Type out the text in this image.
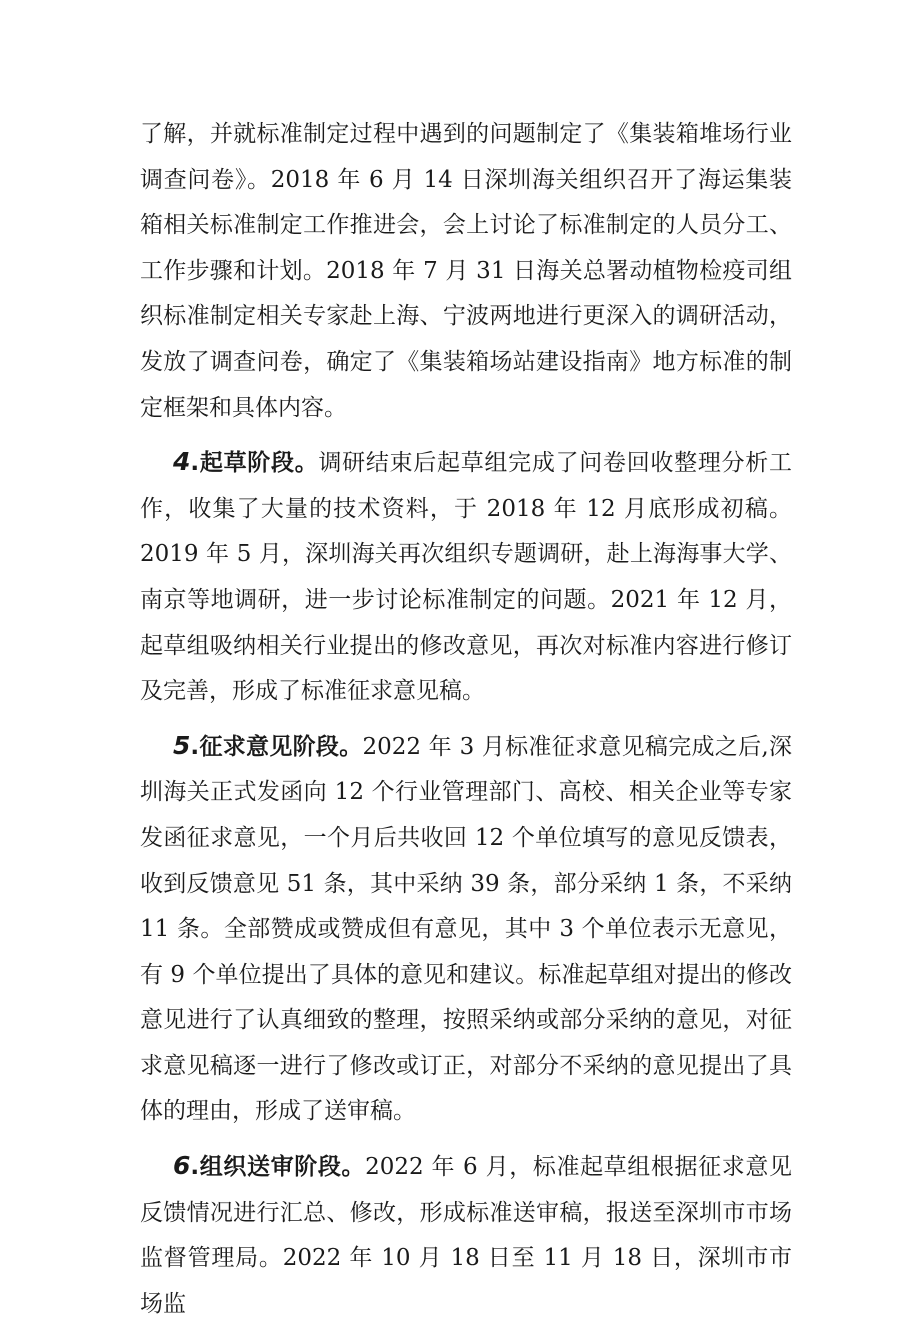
了解，并就标准制定过程中遇到的问题制定了《集装箱堆场行业调查问卷》。2018 年 6 月 14 日深圳海关组织召开了海运集装箱相关标准制定工作推进会，会上讨论了标准制定的人员分工、工作步骤和计划。2018 年 7 月 31 日海关总署动植物检疫司组织标准制定相关专家赴上海、宁波两地进行更深入的调研活动，发放了调查问卷，确定了《集装箱场站建设指南》地方标准的制定框架和具体内容。

4.起草阶段。调研结束后起草组完成了问卷回收整理分析工作，收集了大量的技术资料，于 2018 年 12 月底形成初稿。2019 年 5 月，深圳海关再次组织专题调研，赴上海海事大学、南京等地调研，进一步讨论标准制定的问题。2021 年 12 月，起草组吸纳相关行业提出的修改意见，再次对标准内容进行修订及完善，形成了标准征求意见稿。

5.征求意见阶段。2022 年 3 月标准征求意见稿完成之后,深圳海关正式发函向 12 个行业管理部门、高校、相关企业等专家发函征求意见，一个月后共收回 12 个单位填写的意见反馈表，收到反馈意见 51 条，其中采纳 39 条，部分采纳 1 条，不采纳 11 条。全部赞成或赞成但有意见，其中 3 个单位表示无意见，有 9 个单位提出了具体的意见和建议。标准起草组对提出的修改意见进行了认真细致的整理，按照采纳或部分采纳的意见，对征求意见稿逐一进行了修改或订正，对部分不采纳的意见提出了具体的理由，形成了送审稿。

6.组织送审阶段。2022 年 6 月，标准起草组根据征求意见反馈情况进行汇总、修改，形成标准送审稿，报送至深圳市市场监督管理局。2022 年 10 月 18 日至 11 月 18 日，深圳市市场监
